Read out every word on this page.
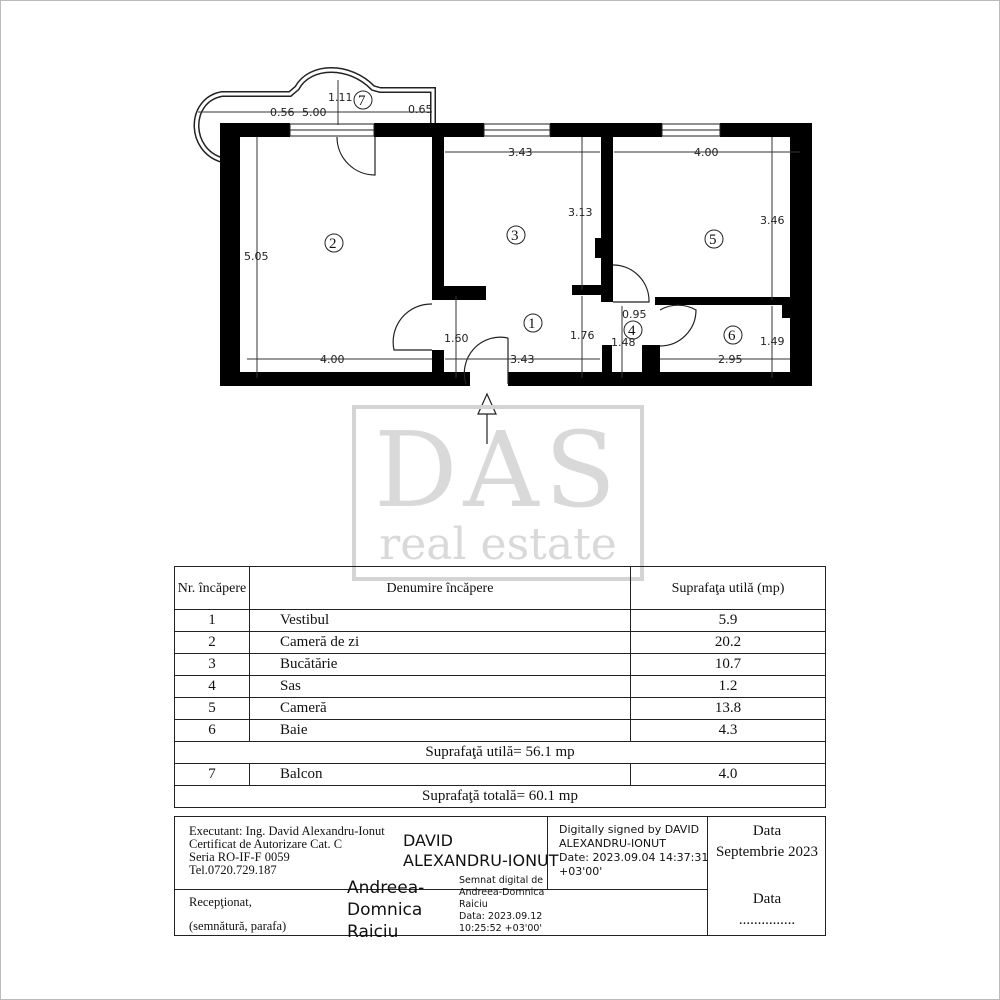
0.56 5.00
1.11
0.65
7
2	3
1	4
5
6
5.05
4.00
3.43
3.13
4.00
3.46
1.60
3.43
1.76
0.95
1.48
2.95
1.49
DAS
real estate
Nr. încăpere	Denumire încăpere	Suprafaţa utilă (mp)
1	Vestibul	5.9
2	Cameră de zi	20.2
3	Bucătărie	10.7
4	Sas	1.2
5	Cameră	13.8
6	Baie	4.3
Suprafaţă utilă= 56.1 mp		
7	Balcon	4.0
Suprafaţă totală= 60.1 mp		
Executant: Ing. David Alexandru-Ionut
Certificat de Autorizare Cat. C
Seria RO-IF-F 0059
Tel.0720.729.187
DAVID
ALEXANDRU-IONUT
Digitally signed by DAVID
ALEXANDRU-IONUT
Date: 2023.09.04 14:37:31
+03'00'
Recepţionat,
(semnătură, parafa)
Andreea-
Domnica
Raiciu
Semnat digital de
Andreea-Domnica
Raiciu
Data: 2023.09.12
10:25:52 +03'00'
Data
Septembrie 2023
Data
...............
